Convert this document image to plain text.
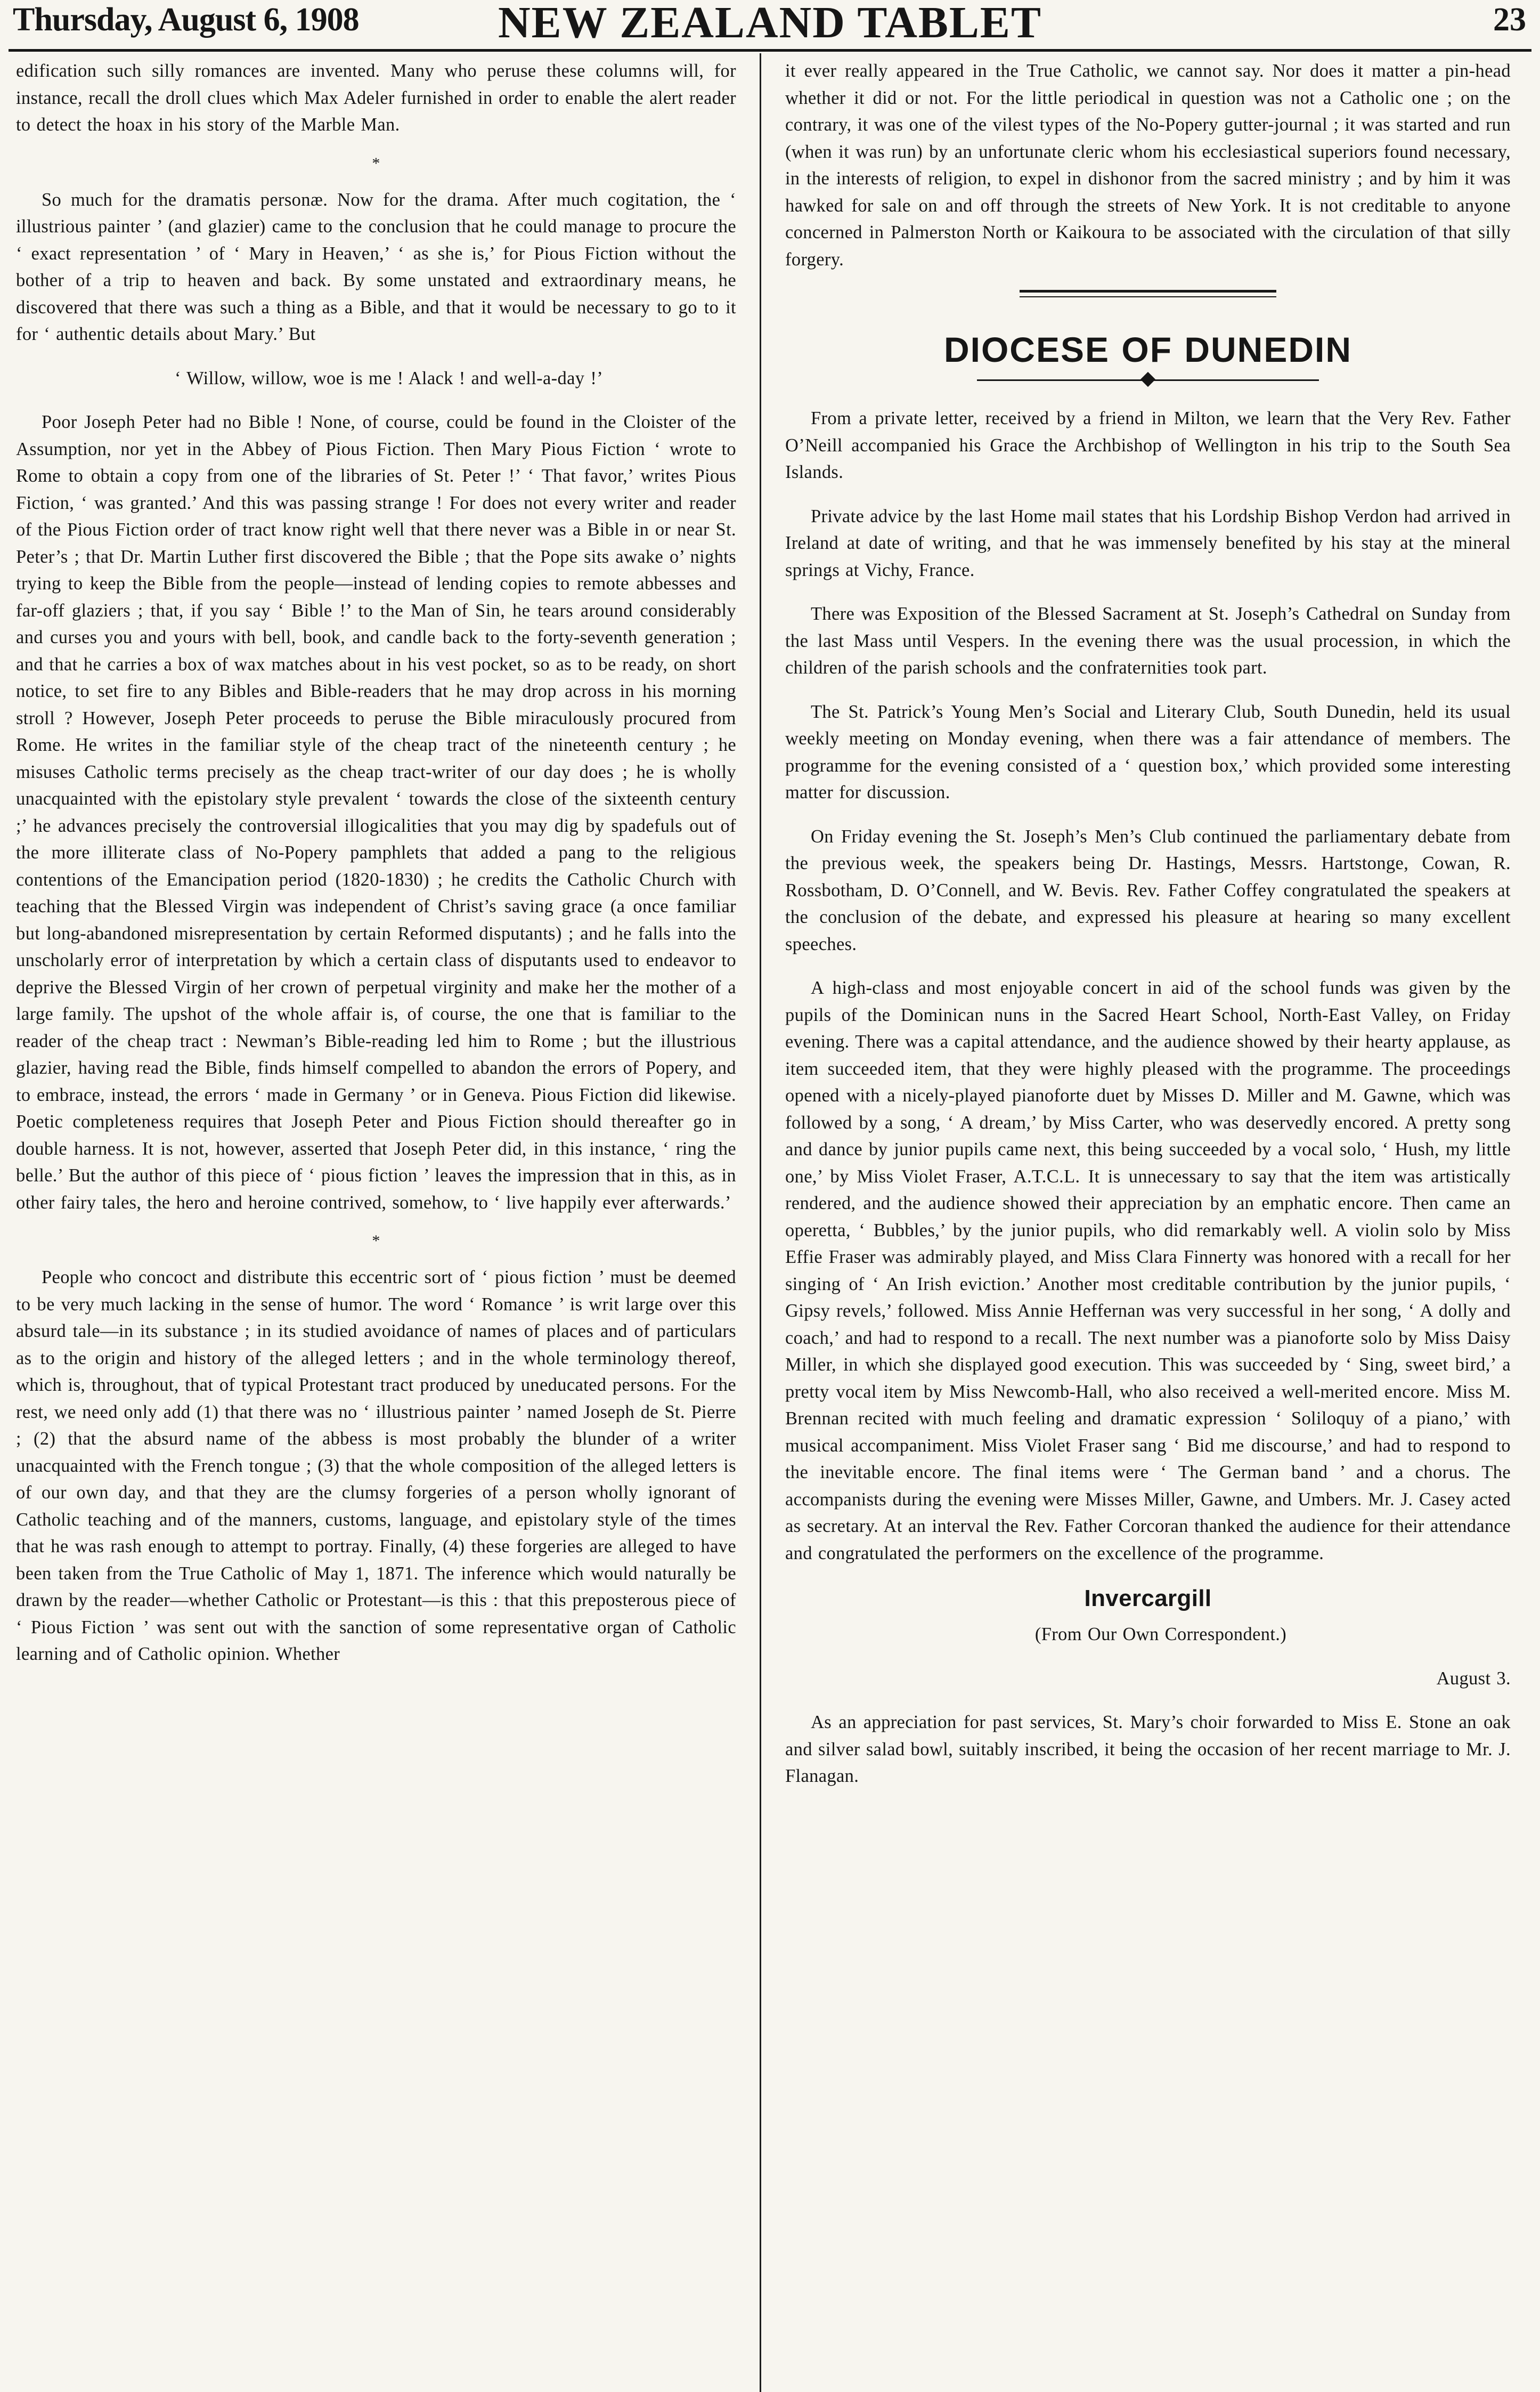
Thursday, August 6, 1908	NEW ZEALAND TABLET	23

edification such silly romances are invented. Many who peruse these columns will, for instance, recall the droll clues which Max Adeler furnished in order to enable the alert reader to detect the hoax in his story of the Marble Man.

*

So much for the dramatis personæ. Now for the drama. After much cogitation, the ‘ illustrious painter ’ (and glazier) came to the conclusion that he could manage to procure the ‘ exact representation ’ of ‘ Mary in Heaven,’ ‘ as she is,’ for Pious Fiction without the bother of a trip to heaven and back. By some unstated and extraordinary means, he discovered that there was such a thing as a Bible, and that it would be necessary to go to it for ‘ authentic details about Mary.’ But

‘ Willow, willow, woe is me ! Alack ! and well-a-day !’

Poor Joseph Peter had no Bible ! None, of course, could be found in the Cloister of the Assumption, nor yet in the Abbey of Pious Fiction. Then Mary Pious Fiction ‘ wrote to Rome to obtain a copy from one of the libraries of St. Peter !’ ‘ That favor,’ writes Pious Fiction, ‘ was granted.’ And this was passing strange ! For does not every writer and reader of the Pious Fiction order of tract know right well that there never was a Bible in or near St. Peter’s ; that Dr. Martin Luther first discovered the Bible ; that the Pope sits awake o’ nights trying to keep the Bible from the people—instead of lending copies to remote abbesses and far-off glaziers ; that, if you say ‘ Bible !’ to the Man of Sin, he tears around considerably and curses you and yours with bell, book, and candle back to the forty-seventh generation ; and that he carries a box of wax matches about in his vest pocket, so as to be ready, on short notice, to set fire to any Bibles and Bible-readers that he may drop across in his morning stroll ? However, Joseph Peter proceeds to peruse the Bible miraculously procured from Rome. He writes in the familiar style of the cheap tract of the nineteenth century ; he misuses Catholic terms precisely as the cheap tract-writer of our day does ; he is wholly unacquainted with the epistolary style prevalent ‘ towards the close of the sixteenth century ;’ he advances precisely the controversial illogicalities that you may dig by spadefuls out of the more illiterate class of No-Popery pamphlets that added a pang to the religious contentions of the Emancipation period (1820-1830) ; he credits the Catholic Church with teaching that the Blessed Virgin was independent of Christ’s saving grace (a once familiar but long-abandoned misrepresentation by certain Reformed disputants) ; and he falls into the unscholarly error of interpretation by which a certain class of disputants used to endeavor to deprive the Blessed Virgin of her crown of perpetual virginity and make her the mother of a large family. The upshot of the whole affair is, of course, the one that is familiar to the reader of the cheap tract : Newman’s Bible-reading led him to Rome ; but the illustrious glazier, having read the Bible, finds himself compelled to abandon the errors of Popery, and to embrace, instead, the errors ‘ made in Germany ’ or in Geneva. Pious Fiction did likewise. Poetic completeness requires that Joseph Peter and Pious Fiction should thereafter go in double harness. It is not, however, asserted that Joseph Peter did, in this instance, ‘ ring the belle.’ But the author of this piece of ‘ pious fiction ’ leaves the impression that in this, as in other fairy tales, the hero and heroine contrived, somehow, to ‘ live happily ever afterwards.’

*

People who concoct and distribute this eccentric sort of ‘ pious fiction ’ must be deemed to be very much lacking in the sense of humor. The word ‘ Romance ’ is writ large over this absurd tale—in its substance ; in its studied avoidance of names of places and of particulars as to the origin and history of the alleged letters ; and in the whole terminology thereof, which is, throughout, that of typical Protestant tract produced by uneducated persons. For the rest, we need only add (1) that there was no ‘ illustrious painter ’ named Joseph de St. Pierre ; (2) that the absurd name of the abbess is most probably the blunder of a writer unacquainted with the French tongue ; (3) that the whole composition of the alleged letters is of our own day, and that they are the clumsy forgeries of a person wholly ignorant of Catholic teaching and of the manners, customs, language, and epistolary style of the times that he was rash enough to attempt to portray. Finally, (4) these forgeries are alleged to have been taken from the True Catholic of May 1, 1871. The inference which would naturally be drawn by the reader—whether Catholic or Protestant—is this : that this preposterous piece of ‘ Pious Fiction ’ was sent out with the sanction of some representative organ of Catholic learning and of Catholic opinion. Whether

it ever really appeared in the True Catholic, we cannot say. Nor does it matter a pin-head whether it did or not. For the little periodical in question was not a Catholic one ; on the contrary, it was one of the vilest types of the No-Popery gutter-journal ; it was started and run (when it was run) by an unfortunate cleric whom his ecclesiastical superiors found necessary, in the interests of religion, to expel in dishonor from the sacred ministry ; and by him it was hawked for sale on and off through the streets of New York. It is not creditable to anyone concerned in Palmerston North or Kaikoura to be associated with the circulation of that silly forgery.

DIOCESE OF DUNEDIN

From a private letter, received by a friend in Milton, we learn that the Very Rev. Father O’Neill accompanied his Grace the Archbishop of Wellington in his trip to the South Sea Islands.

Private advice by the last Home mail states that his Lordship Bishop Verdon had arrived in Ireland at date of writing, and that he was immensely benefited by his stay at the mineral springs at Vichy, France.

There was Exposition of the Blessed Sacrament at St. Joseph’s Cathedral on Sunday from the last Mass until Vespers. In the evening there was the usual procession, in which the children of the parish schools and the confraternities took part.

The St. Patrick’s Young Men’s Social and Literary Club, South Dunedin, held its usual weekly meeting on Monday evening, when there was a fair attendance of members. The programme for the evening consisted of a ‘ question box,’ which provided some interesting matter for discussion.

On Friday evening the St. Joseph’s Men’s Club continued the parliamentary debate from the previous week, the speakers being Dr. Hastings, Messrs. Hartstonge, Cowan, R. Rossbotham, D. O’Connell, and W. Bevis. Rev. Father Coffey congratulated the speakers at the conclusion of the debate, and expressed his pleasure at hearing so many excellent speeches.

A high-class and most enjoyable concert in aid of the school funds was given by the pupils of the Dominican nuns in the Sacred Heart School, North-East Valley, on Friday evening. There was a capital attendance, and the audience showed by their hearty applause, as item succeeded item, that they were highly pleased with the programme. The proceedings opened with a nicely-played pianoforte duet by Misses D. Miller and M. Gawne, which was followed by a song, ‘ A dream,’ by Miss Carter, who was deservedly encored. A pretty song and dance by junior pupils came next, this being succeeded by a vocal solo, ‘ Hush, my little one,’ by Miss Violet Fraser, A.T.C.L. It is unnecessary to say that the item was artistically rendered, and the audience showed their appreciation by an emphatic encore. Then came an operetta, ‘ Bubbles,’ by the junior pupils, who did remarkably well. A violin solo by Miss Effie Fraser was admirably played, and Miss Clara Finnerty was honored with a recall for her singing of ‘ An Irish eviction.’ Another most creditable contribution by the junior pupils, ‘ Gipsy revels,’ followed. Miss Annie Heffernan was very successful in her song, ‘ A dolly and coach,’ and had to respond to a recall. The next number was a pianoforte solo by Miss Daisy Miller, in which she displayed good execution. This was succeeded by ‘ Sing, sweet bird,’ a pretty vocal item by Miss Newcomb-Hall, who also received a well-merited encore. Miss M. Brennan recited with much feeling and dramatic expression ‘ Soliloquy of a piano,’ with musical accompaniment. Miss Violet Fraser sang ‘ Bid me discourse,’ and had to respond to the inevitable encore. The final items were ‘ The German band ’ and a chorus. The accompanists during the evening were Misses Miller, Gawne, and Umbers. Mr. J. Casey acted as secretary. At an interval the Rev. Father Corcoran thanked the audience for their attendance and congratulated the performers on the excellence of the programme.

Invercargill

(From Our Own Correspondent.)

August 3.

As an appreciation for past services, St. Mary’s choir forwarded to Miss E. Stone an oak and silver salad bowl, suitably inscribed, it being the occasion of her recent marriage to Mr. J. Flanagan.
